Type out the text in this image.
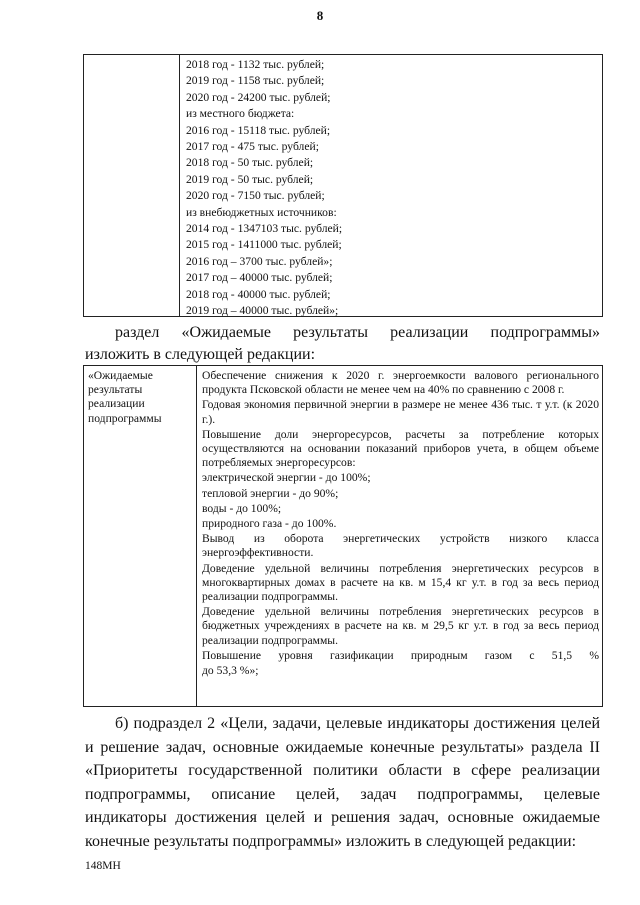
8
2018 год - 1132 тыс. рублей;
2019 год - 1158 тыс. рублей;
2020 год - 24200 тыс. рублей;
из местного бюджета:
2016 год - 15118 тыс. рублей;
2017 год - 475 тыс. рублей;
2018 год - 50 тыс. рублей;
2019 год - 50 тыс. рублей;
2020 год - 7150 тыс. рублей;
из внебюджетных источников:
2014 год - 1347103 тыс. рублей;
2015 год - 1411000 тыс. рублей;
2016 год – 3700 тыс. рублей»;
2017 год – 40000 тыс. рублей;
2018 год - 40000 тыс. рублей;
2019 год – 40000 тыс. рублей»;
раздел «Ожидаемые результаты реализации подпрограммы»
изложить в следующей редакции:
«Ожидаемые результаты реализации подпрограммы

Обеспечение снижения к 2020 г. энергоемкости валового регионального продукта Псковской области не менее чем на 40% по сравнению с 2008 г.

Годовая экономия первичной энергии в размере не менее 436 тыс. т у.т. (к 2020 г.).

Повышение доли энергоресурсов, расчеты за потребление которых осуществляются на основании показаний приборов учета, в общем объеме потребляемых энергоресурсов:

электрической энергии - до 100%;

тепловой энергии - до 90%;

воды - до 100%;

природного газа - до 100%.

Вывод из оборота энергетических устройств низкого класса энергоэффективности.

Доведение удельной величины потребления энергетических ресурсов в многоквартирных домах в расчете на кв. м 15,4 кг у.т. в год за весь период реализации подпрограммы.

Доведение удельной величины потребления энергетических ресурсов в бюджетных учреждениях в расчете на кв. м 29,5 кг у.т. в год за весь период реализации подпрограммы.

Повышение уровня газификации природным газом с 51,5 %

до 53,3 %»;

б) подраздел 2 «Цели, задачи, целевые индикаторы достижения целей и решение задач, основные ожидаемые конечные результаты» раздела II «Приоритеты государственной политики области в сфере реализации подпрограммы, описание целей, задач подпрограммы, целевые индикаторы достижения целей и решения задач, основные ожидаемые конечные результаты подпрограммы» изложить в следующей редакции:

148МН
